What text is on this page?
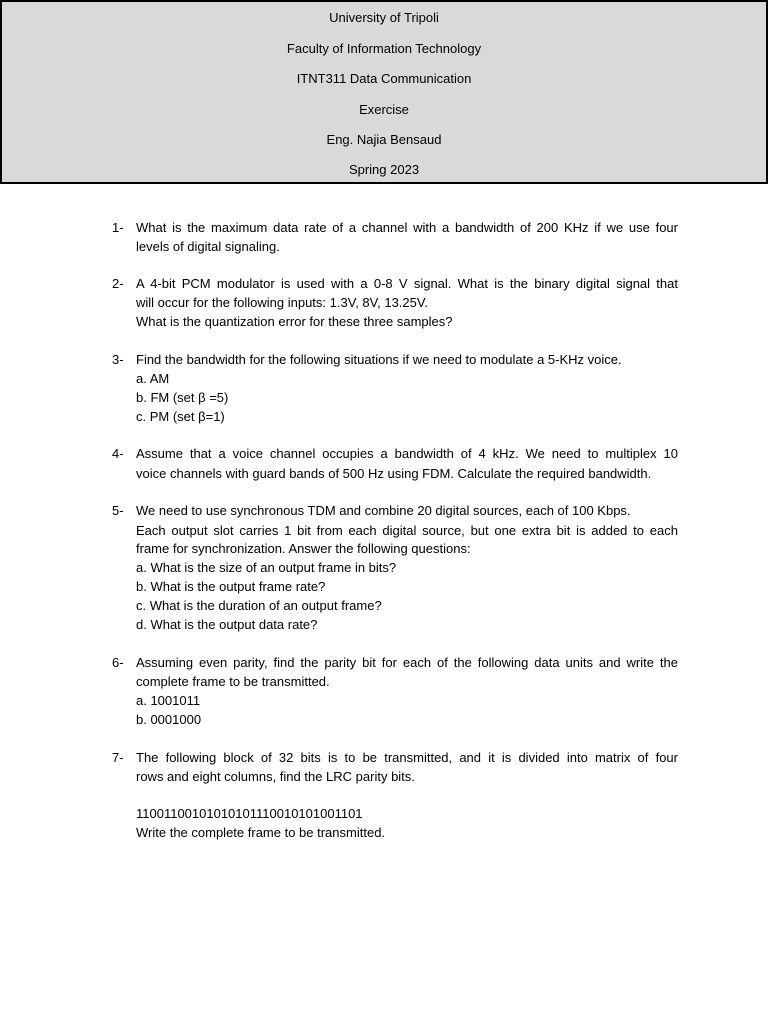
University of Tripoli
Faculty of Information Technology
ITNT311 Data Communication
Exercise
Eng. Najia Bensaud
Spring 2023
1- What is the maximum data rate of a channel with a bandwidth of 200 KHz if we use four
levels of digital signaling.
2- A 4-bit PCM modulator is used with a 0-8 V signal. What is the binary digital signal that
will occur for the following inputs: 1.3V, 8V, 13.25V.
What is the quantization error for these three samples?
3- Find the bandwidth for the following situations if we need to modulate a 5-KHz voice.
a. AM
b. FM (set β =5)
c. PM (set β=1)
4- Assume that a voice channel occupies a bandwidth of 4 kHz. We need to multiplex 10
voice channels with guard bands of 500 Hz using FDM. Calculate the required bandwidth.
5- We need to use synchronous TDM and combine 20 digital sources, each of 100 Kbps.
Each output slot carries 1 bit from each digital source, but one extra bit is added to each
frame for synchronization. Answer the following questions:
a. What is the size of an output frame in bits?
b. What is the output frame rate?
c. What is the duration of an output frame?
d. What is the output data rate?
6- Assuming even parity, find the parity bit for each of the following data units and write the
complete frame to be transmitted.
a. 1001011
b. 0001000
7- The following block of 32 bits is to be transmitted, and it is divided into matrix of four
rows and eight columns, find the LRC parity bits.
11001100101010101110010101001101
Write the complete frame to be transmitted.
